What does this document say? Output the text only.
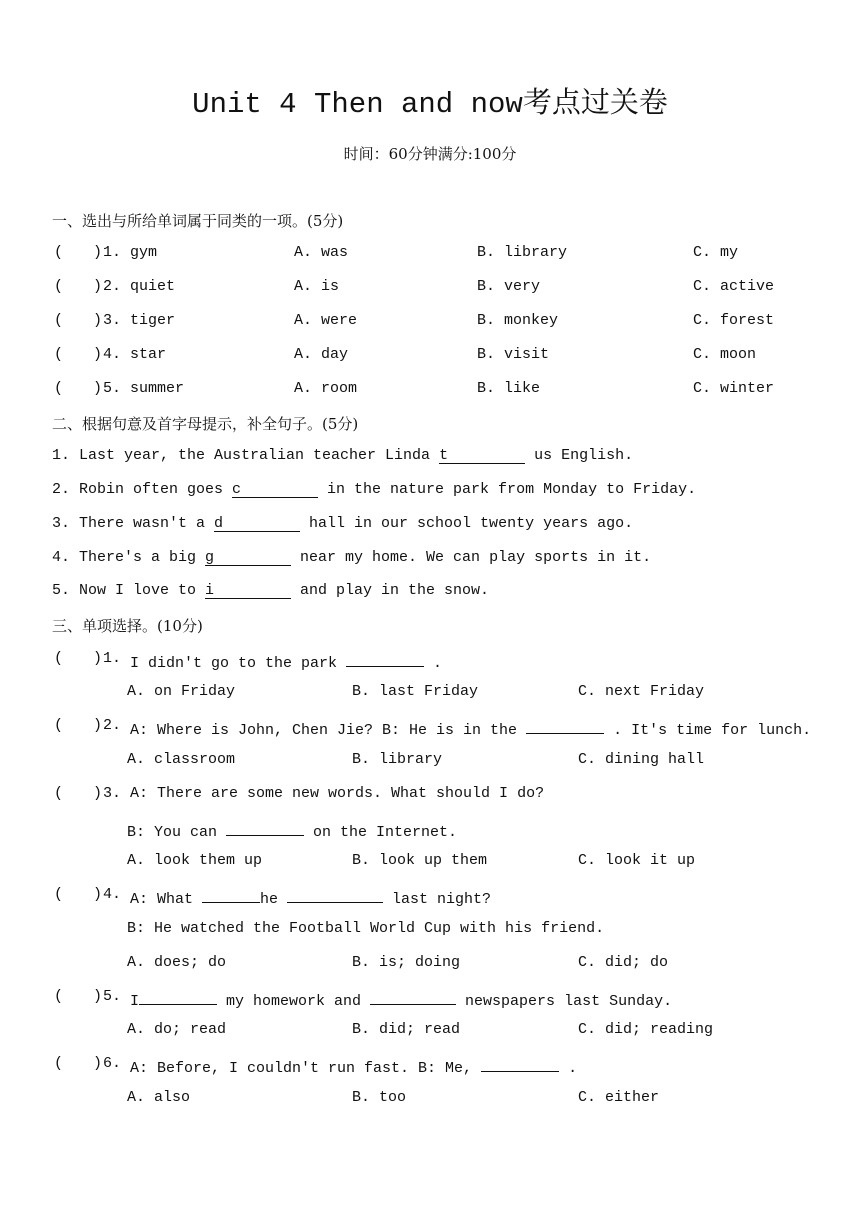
Unit 4 Then and now考点过关卷
时间：60分钟满分:100分
一、选出与所给单词属于同类的一项。(5分)
( ) 1. gym	A. was	B. library	C. my
( ) 2. quiet	A. is	B. very	C. active
( ) 3. tiger	A. were	B. monkey	C. forest
( ) 4. star	A. day	B. visit	C. moon
( ) 5. summer	A. room	B. like	C. winter
二、根据句意及首字母提示，补全句子。(5分)
1. Last year, the Australian teacher Linda t	us English.
2. Robin often goes c	in the nature park from Monday to Friday.
3. There wasn't a d	hall in our school twenty years ago.
4. There's a big g	near my home. We can play sports in it.
5. Now I love to i	and play in the snow.
三、单项选择。(10分)
( ) 1. I didn't go to the park	.
A. on Friday	B. last Friday	C. next Friday
( ) 2. A: Where is John, Chen Jie? B: He is in the	. It's time for lunch.
A. classroom	B. library	C. dining hall
( ) 3. A: There are some new words. What should I do?
B: You can	on the Internet.
A. look them up	B. look up them	C. look it up
( ) 4. A: What	he	last night?
B: He watched the Football World Cup with his friend.
A. does; do	B. is; doing	C. did; do
( ) 5. I	my homework and	newspapers last Sunday.
A. do; read	B. did; read	C. did; reading
( ) 6. A: Before, I couldn't run fast. B: Me,	.
A. also	B. too	C. either
